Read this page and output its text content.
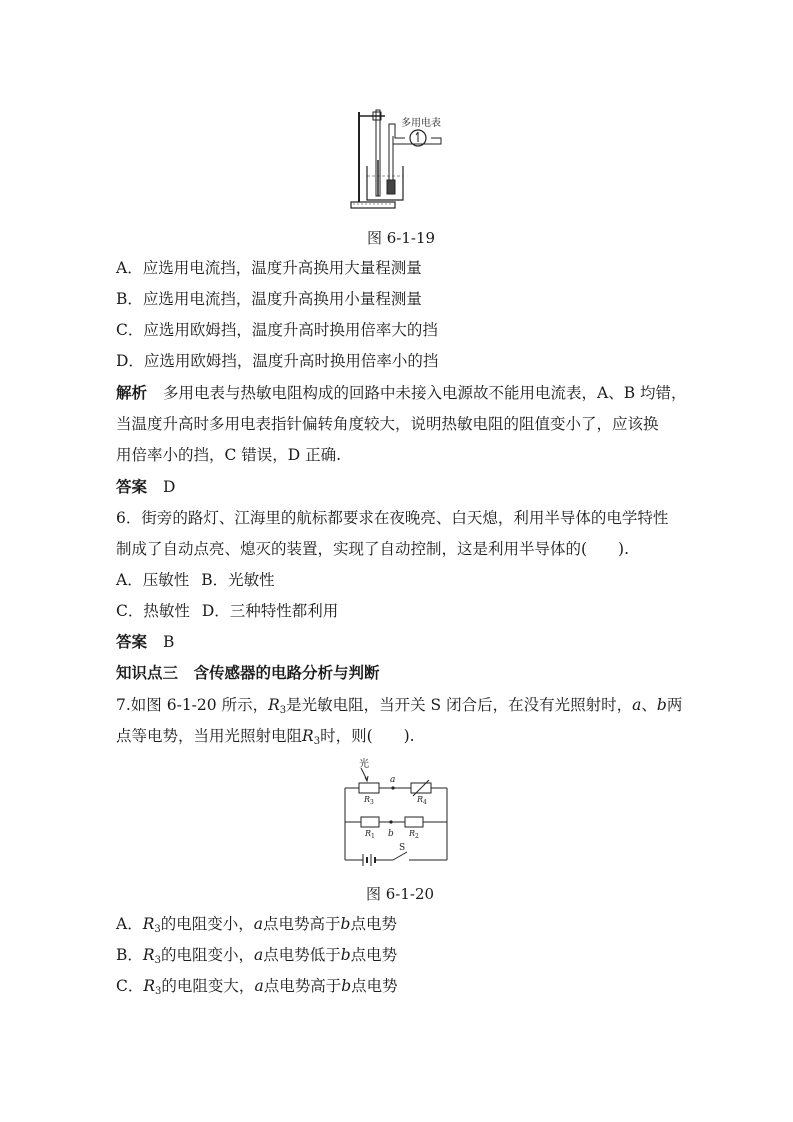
多用电表
图 6-1-19
A．应选用电流挡，温度升高换用大量程测量
B．应选用电流挡，温度升高换用小量程测量
C．应选用欧姆挡，温度升高时换用倍率大的挡
D．应选用欧姆挡，温度升高时换用倍率小的挡
解析 多用电表与热敏电阻构成的回路中未接入电源故不能用电流表，A、B 均错，
当温度升高时多用电表指针偏转角度较大，说明热敏电阻的阻值变小了，应该换
用倍率小的挡，C 错误，D 正确.
答案 D
6．街旁的路灯、江海里的航标都要求在夜晚亮、白天熄，利用半导体的电学特性
制成了自动点亮、熄灭的装置，实现了自动控制，这是利用半导体的(　　).
A．压敏性 B．光敏性
C．热敏性 D．三种特性都利用
答案 B
知识点三　含传感器的电路分析与判断
7.如图 6-1-20 所示，$R_3$是光敏电阻，当开关 S 闭合后，在没有光照射时，a、b两
点等电势，当用光照射电阻$R_3$时，则(　　).
光
a
$R_3$	$R_4$
b
$R_1$	$R_2$
S
图 6-1-20
A．$R_3$的电阻变小，a点电势高于b点电势
B．$R_3$的电阻变小，a点电势低于b点电势
C．$R_3$的电阻变大，a点电势高于b点电势
